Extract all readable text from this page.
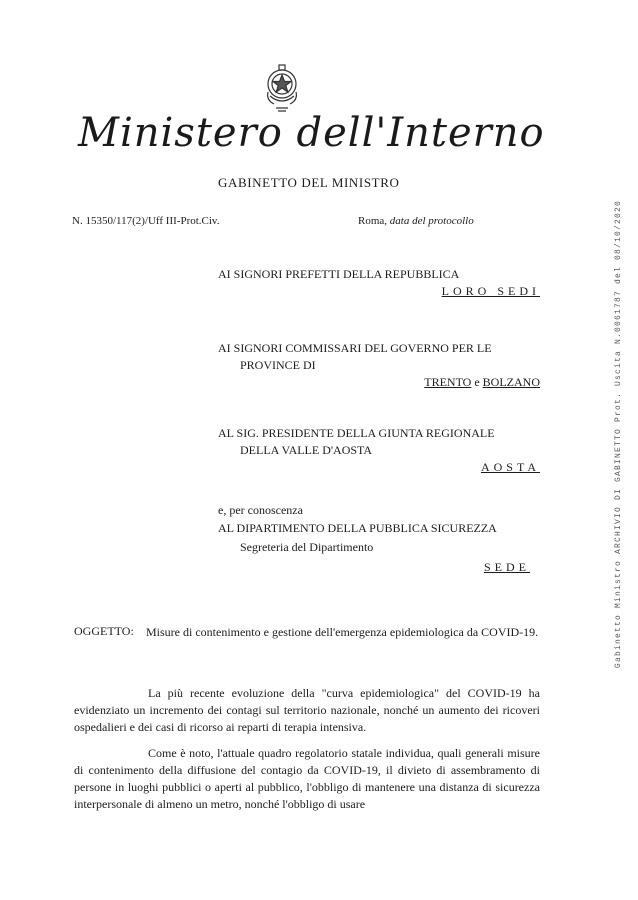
Ministero dell'Interno
GABINETTO DEL MINISTRO
N. 15350/117(2)/Uff III-Prot.Civ.	Roma, data del protocollo
AI SIGNORI PREFETTI DELLA REPUBBLICA
LORO SEDI
AI SIGNORI COMMISSARI DEL GOVERNO PER LE
PROVINCE DI
TRENTO e BOLZANO
AL SIG. PRESIDENTE DELLA GIUNTA REGIONALE
DELLA VALLE D'AOSTA
AOSTA
e, per conoscenza
AL DIPARTIMENTO DELLA PUBBLICA SICUREZZA
Segreteria del Dipartimento
SEDE
OGGETTO: Misure di contenimento e gestione dell'emergenza epidemiologica da COVID-19.

La più recente evoluzione della "curva epidemiologica" del COVID-19 ha evidenziato un incremento dei contagi sul territorio nazionale, nonché un aumento dei ricoveri ospedalieri e dei casi di ricorso ai reparti di terapia intensiva.

Come è noto, l'attuale quadro regolatorio statale individua, quali generali misure di contenimento della diffusione del contagio da COVID-19, il divieto di assembramento di persone in luoghi pubblici o aperti al pubblico, l'obbligo di mantenere una distanza di sicurezza interpersonale di almeno un metro, nonché l'obbligo di usare

Gabinetto Ministro ARCHIVIO DI GABINETTO Prot. Uscita N.0061787 del 08/10/2020
